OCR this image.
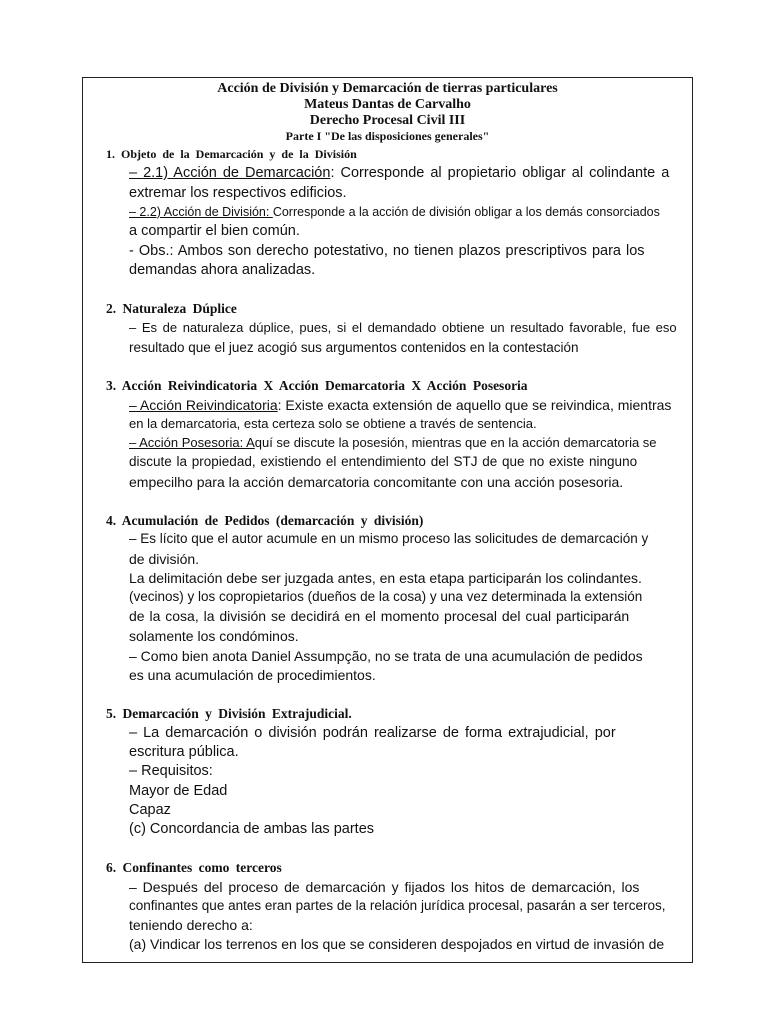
Acción de División y Demarcación de tierras particulares
Mateus Dantas de Carvalho
Derecho Procesal Civil III
Parte I "De las disposiciones generales"
1. Objeto de la Demarcación y de la División
– 2.1) Acción de Demarcación: Corresponde al propietario obligar al colindante a
extremar los respectivos edificios.
– 2.2) Acción de División: Corresponde a la acción de división obligar a los demás consorciados
a compartir el bien común.
- Obs.: Ambos son derecho potestativo, no tienen plazos prescriptivos para los
demandas ahora analizadas.
2. Naturaleza Dúplice
– Es de naturaleza dúplice, pues, si el demandado obtiene un resultado favorable, fue eso
resultado que el juez acogió sus argumentos contenidos en la contestación
3. Acción Reivindicatoria X Acción Demarcatoria X Acción Posesoria
– Acción Reivindicatoria: Existe exacta extensión de aquello que se reivindica, mientras
en la demarcatoria, esta certeza solo se obtiene a través de sentencia.
– Acción Posesoria: Aquí se discute la posesión, mientras que en la acción demarcatoria se
discute la propiedad, existiendo el entendimiento del STJ de que no existe ninguno
empecilho para la acción demarcatoria concomitante con una acción posesoria.
4. Acumulación de Pedidos (demarcación y división)
– Es lícito que el autor acumule en un mismo proceso las solicitudes de demarcación y
de división.
La delimitación debe ser juzgada antes, en esta etapa participarán los colindantes.
(vecinos) y los copropietarios (dueños de la cosa) y una vez determinada la extensión
de la cosa, la división se decidirá en el momento procesal del cual participarán
solamente los condóminos.
– Como bien anota Daniel Assumpção, no se trata de una acumulación de pedidos
es una acumulación de procedimientos.
5. Demarcación y División Extrajudicial.
– La demarcación o división podrán realizarse de forma extrajudicial, por
escritura pública.
– Requisitos:
Mayor de Edad
Capaz
(c) Concordancia de ambas las partes
6. Confinantes como terceros
– Después del proceso de demarcación y fijados los hitos de demarcación, los
confinantes que antes eran partes de la relación jurídica procesal, pasarán a ser terceros,
teniendo derecho a:
(a) Vindicar los terrenos en los que se consideren despojados en virtud de invasión de
